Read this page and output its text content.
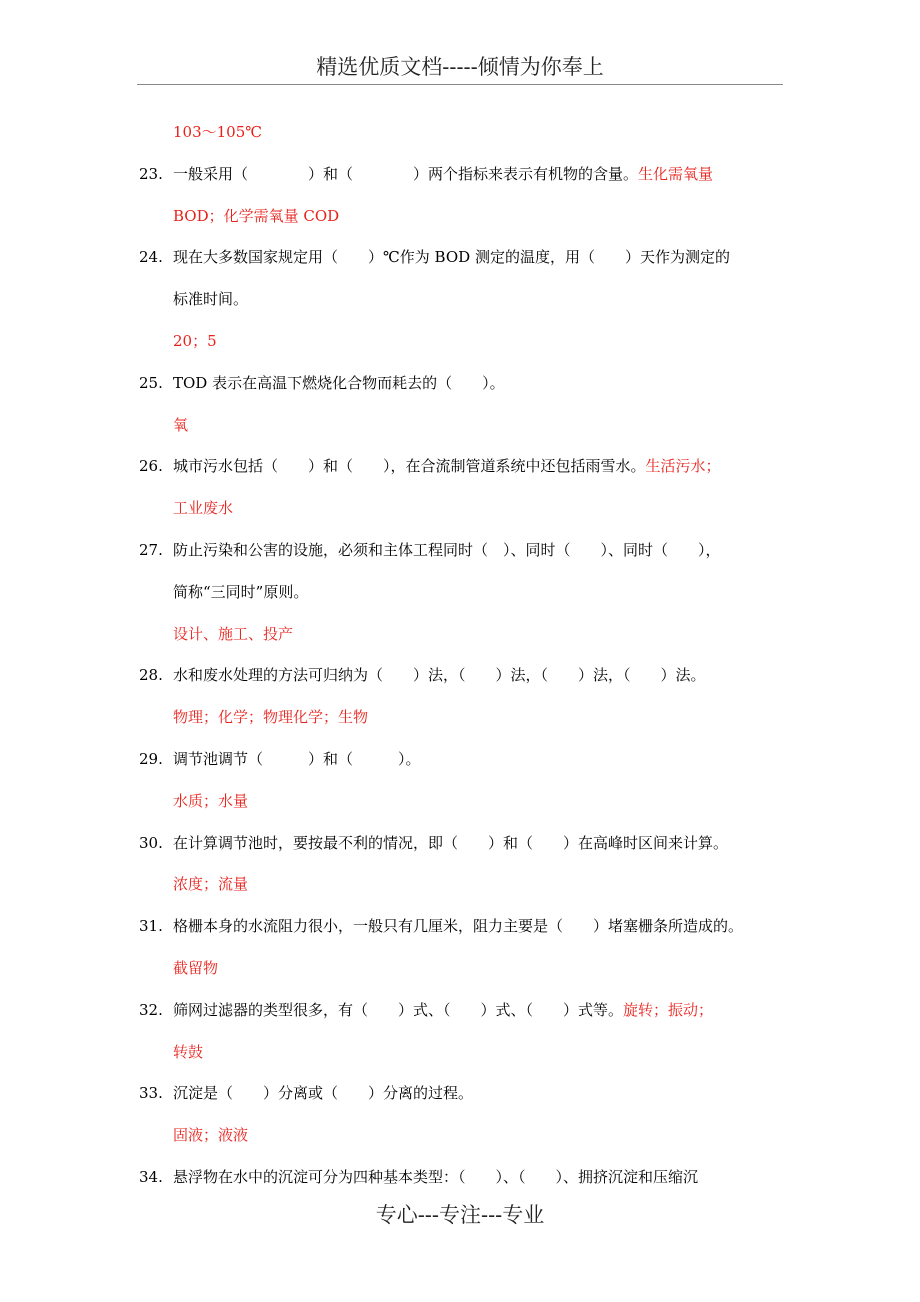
精选优质文档-----倾情为你奉上
103～105℃
23. 一般采用（　　　　）和（　　　　）两个指标来表示有机物的含量。生化需氧量
BOD；化学需氧量 COD
24. 现在大多数国家规定用（　　）℃作为 BOD 测定的温度，用（　　）天作为测定的
标准时间。
20；5
25. TOD 表示在高温下燃烧化合物而耗去的（　　）。
氧
26. 城市污水包括（　　）和（　　），在合流制管道系统中还包括雨雪水。生活污水；
工业废水
27. 防止污染和公害的设施，必须和主体工程同时（　）、同时（　　）、同时（　　），
简称“三同时”原则。
设计、施工、投产
28. 水和废水处理的方法可归纳为（　　）法，（　　）法，（　　）法，（　　）法。
物理；化学；物理化学；生物
29. 调节池调节（　　　）和（　　　）。
水质；水量
30. 在计算调节池时，要按最不利的情况，即（　　）和（　　）在高峰时区间来计算。
浓度；流量
31. 格栅本身的水流阻力很小，一般只有几厘米，阻力主要是（　　）堵塞栅条所造成的。
截留物
32. 筛网过滤器的类型很多，有（　　）式、（　　）式、（　　）式等。旋转；振动；
转鼓
33. 沉淀是（　　）分离或（　　）分离的过程。
固液；液液
34. 悬浮物在水中的沉淀可分为四种基本类型：（　　）、（　　）、拥挤沉淀和压缩沉
专心---专注---专业
